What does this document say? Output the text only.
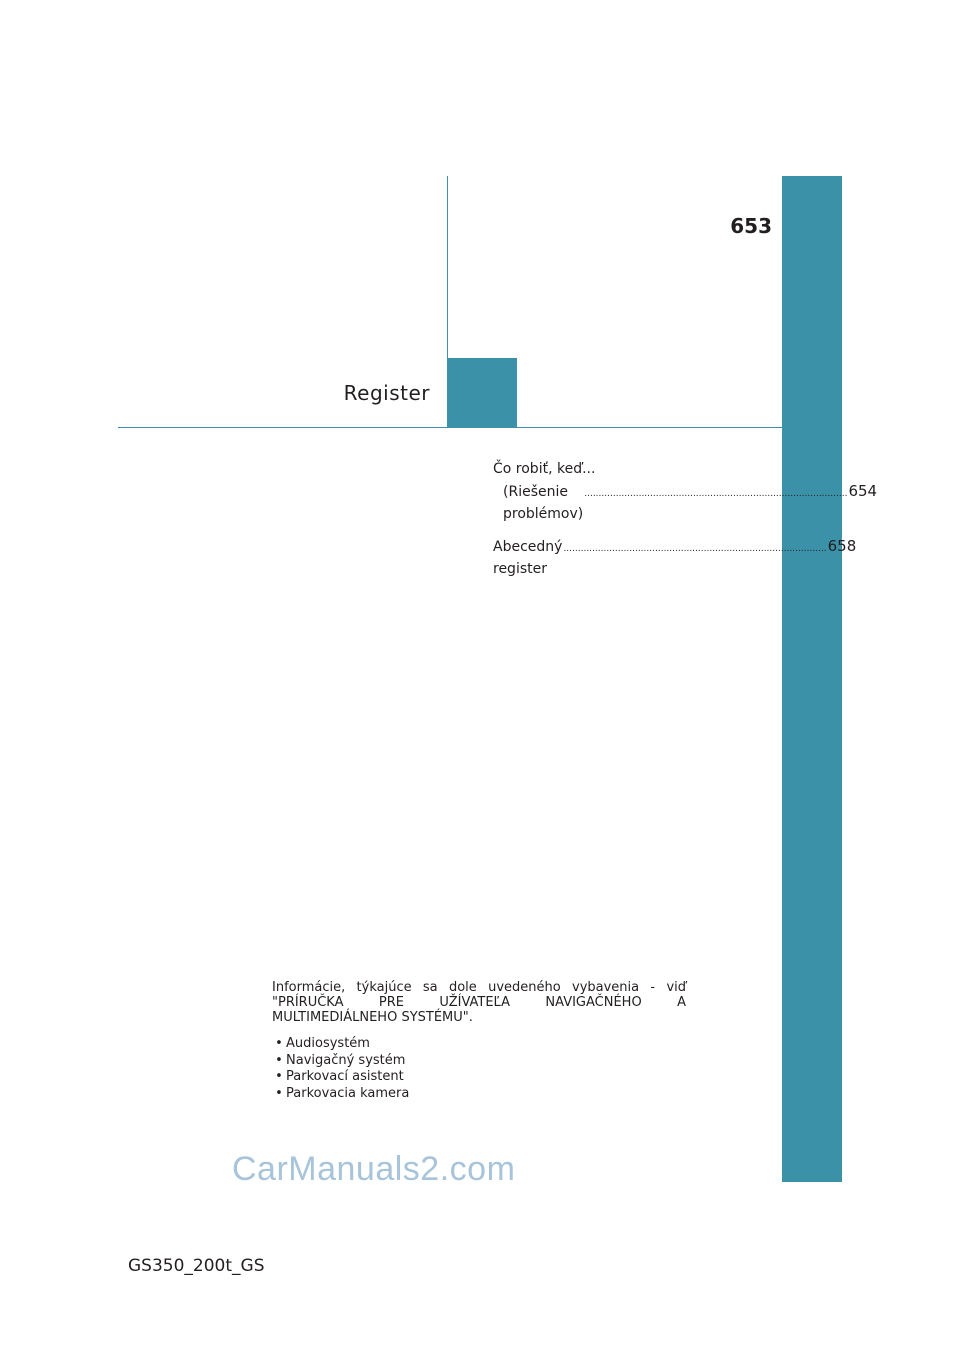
653
Register
Čo robiť, keď...
(Riešenie problémov)
............................................................................................ 654
Abecedný register
............................................................................................ 658
Informácie, týkajúce sa dole uvedeného vybavenia - viď "PRÍRUČKA PRE UŽÍVATEĽA NAVIGAČNÉHO A MULTIMEDIÁLNEHO SYSTÉMU".
• Audiosystém
• Navigačný systém
• Parkovací asistent
• Parkovacia kamera
CarManuals2.com
GS350_200t_GS
